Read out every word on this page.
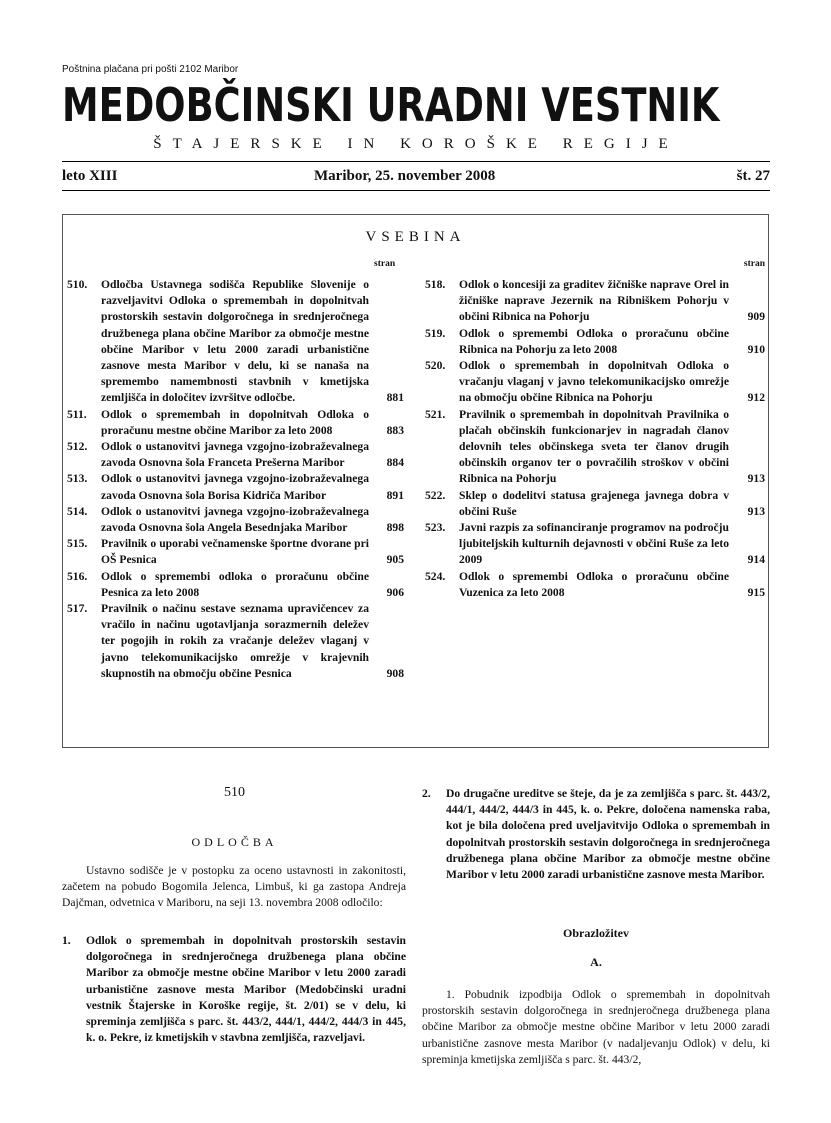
Poštnina plačana pri pošti 2102 Maribor
MEDOBČINSKI URADNI VESTNIK
ŠTAJERSKE IN KOROŠKE REGIJE
leto XIII	Maribor, 25. november 2008	št. 27
VSEBINA
stran	stran
510. Odločba Ustavnega sodišča Republike Slovenije o razveljavitvi Odloka o spremembah in dopolnitvah prostorskih sestavin dolgoročnega in srednjeročnega družbenega plana občine Maribor za območje mestne občine Maribor v letu 2000 zaradi urbanistične zasnove mesta Maribor v delu, ki se nanaša na spremembo namembnosti stavbnih v kmetijska zemljišča in določitev izvršitve odločbe.	881
511. Odlok o spremembah in dopolnitvah Odloka o proračunu mestne občine Maribor za leto 2008	883
512. Odlok o ustanovitvi javnega vzgojno-izobraževalnega zavoda Osnovna šola Franceta Prešerna Maribor	884
513. Odlok o ustanovitvi javnega vzgojno-izobraževalnega zavoda Osnovna šola Borisa Kidriča Maribor	891
514. Odlok o ustanovitvi javnega vzgojno-izobraževalnega zavoda Osnovna šola Angela Besednjaka Maribor	898
515. Pravilnik o uporabi večnamenske športne dvorane pri OŠ Pesnica	905
516. Odlok o spremembi odloka o proračunu občine Pesnica za leto 2008	906
517. Pravilnik o načinu sestave seznama upravičencev za vračilo in načinu ugotavljanja sorazmernih deležev ter pogojih in rokih za vračanje deležev vlaganj v javno telekomunikacijsko omrežje v krajevnih skupnostih na območju občine Pesnica	908
518. Odlok o koncesiji za graditev žičniške naprave Orel in žičniške naprave Jezernik na Ribniškem Pohorju v občini Ribnica na Pohorju	909
519. Odlok o spremembi Odloka o proračunu občine Ribnica na Pohorju za leto 2008	910
520. Odlok o spremembah in dopolnitvah Odloka o vračanju vlaganj v javno telekomunikacijsko omrežje na območju občine Ribnica na Pohorju	912
521. Pravilnik o spremembah in dopolnitvah Pravilnika o plačah občinskih funkcionarjev in nagradah članov delovnih teles občinskega sveta ter članov drugih občinskih organov ter o povračilih stroškov v občini Ribnica na Pohorju	913
522. Sklep o dodelitvi statusa grajenega javnega dobra v občini Ruše	913
523. Javni razpis za sofinanciranje programov na področju ljubiteljskih kulturnih dejavnosti v občini Ruše za leto 2009	914
524. Odlok o spremembi Odloka o proračunu občine Vuzenica za leto 2008	915
510
ODLOČBA
Ustavno sodišče je v postopku za oceno ustavnosti in zakonitosti, začetem na pobudo Bogomila Jelenca, Limbuš, ki ga zastopa Andreja Dajčman, odvetnica v Mariboru, na seji 13. novembra 2008 odločilo:
1. Odlok o spremembah in dopolnitvah prostorskih sestavin dolgoročnega in srednjeročnega družbenega plana občine Maribor za območje mestne občine Maribor v letu 2000 zaradi urbanistične zasnove mesta Maribor (Medobčinski uradni vestnik Štajerske in Koroške regije, št. 2/01) se v delu, ki spreminja zemljišča s parc. št. 443/2, 444/1, 444/2, 444/3 in 445, k. o. Pekre, iz kmetijskih v stavbna zemljišča, razveljavi.
2. Do drugačne ureditve se šteje, da je za zemljišča s parc. št. 443/2, 444/1, 444/2, 444/3 in 445, k. o. Pekre, določena namenska raba, kot je bila določena pred uveljavitvijo Odloka o spremembah in dopolnitvah prostorskih sestavin dolgoročnega in srednjeročnega družbenega plana občine Maribor za območje mestne občine Maribor v letu 2000 zaradi urbanistične zasnove mesta Maribor.
Obrazložitev
A.
1. Pobudnik izpodbija Odlok o spremembah in dopolnitvah prostorskih sestavin dolgoročnega in srednjeročnega družbenega plana občine Maribor za območje mestne občine Maribor v letu 2000 zaradi urbanistične zasnove mesta Maribor (v nadaljevanju Odlok) v delu, ki spreminja kmetijska zemljišča s parc. št. 443/2,
